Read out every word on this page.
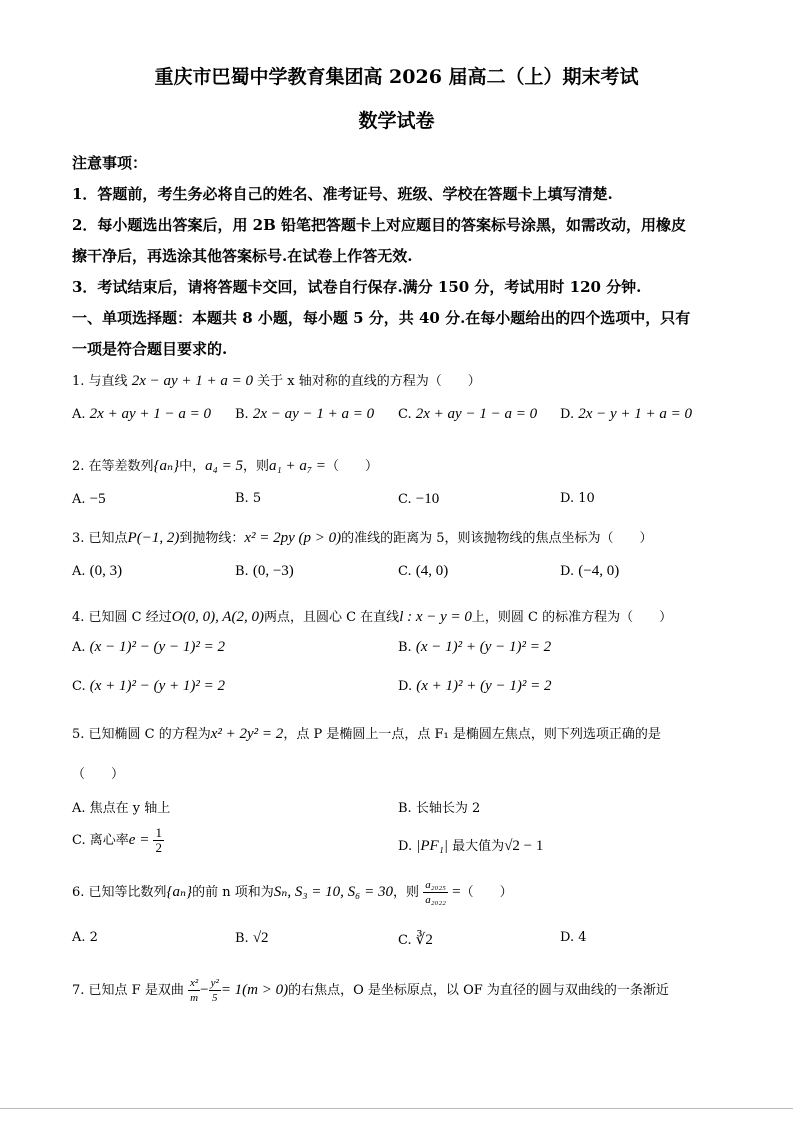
重庆市巴蜀中学教育集团高 2026 届高二（上）期末考试
数学试卷
注意事项：
1．答题前，考生务必将自己的姓名、准考证号、班级、学校在答题卡上填写清楚.
2．每小题选出答案后，用 2B 铅笔把答题卡上对应题目的答案标号涂黑，如需改动，用橡皮
擦干净后，再选涂其他答案标号.在试卷上作答无效.
3．考试结束后，请将答题卡交回，试卷自行保存.满分 150 分，考试用时 120 分钟.
一、单项选择题：本题共 8 小题，每小题 5 分，共 40 分.在每小题给出的四个选项中，只有
一项是符合题目要求的.
1. 与直线 2x − ay + 1 + a = 0 关于 x 轴对称的直线的方程为（　　）
A. 2x + ay + 1 − a = 0 B. 2x − ay − 1 + a = 0 C. 2x + ay − 1 − a = 0 D. 2x − y + 1 + a = 0
2. 在等差数列{aₙ}中，a₄ = 5，则a₁ + a₇ =（　　）
A. −5	B. 5	C. −10	D. 10
3. 已知点P(−1, 2)到抛物线：x² = 2py (p > 0)的准线的距离为 5，则该抛物线的焦点坐标为（　　）
A. (0, 3)	B. (0, −3)	C. (4, 0)	D. (−4, 0)
4. 已知圆 C 经过O(0, 0), A(2, 0)两点，且圆心 C 在直线l : x − y = 0上，则圆 C 的标准方程为（　　）
A. (x − 1)² − (y − 1)² = 2	B. (x − 1)² + (y − 1)² = 2
C. (x + 1)² − (y + 1)² = 2	D. (x + 1)² + (y − 1)² = 2
5. 已知椭圆 C 的方程为x² + 2y² = 2，点 P 是椭圆上一点，点 F₁ 是椭圆左焦点，则下列选项正确的是
（　　）
A. 焦点在 y 轴上	B. 长轴长为 2
C. 离心率$e = \frac{1}{2}$	D. |PF₁| 最大值为√2 − 1
6. 已知等比数列{aₙ}的前 n 项和为Sₙ, S₃ = 10, S₆ = 30，则 $\frac{\text{a₂₀₂₅}}{\text{a₂₀₂₂}}$ =（　　）
A. 2	B. √2	C. ∛2	D. 4
7. 已知点 F 是双曲 $\frac{\text{x²}}{m} - \frac{\text{y²}}{5} = 1(m > 0)$的右焦点，O 是坐标原点，以 OF 为直径的圆与双曲线的一条渐近
